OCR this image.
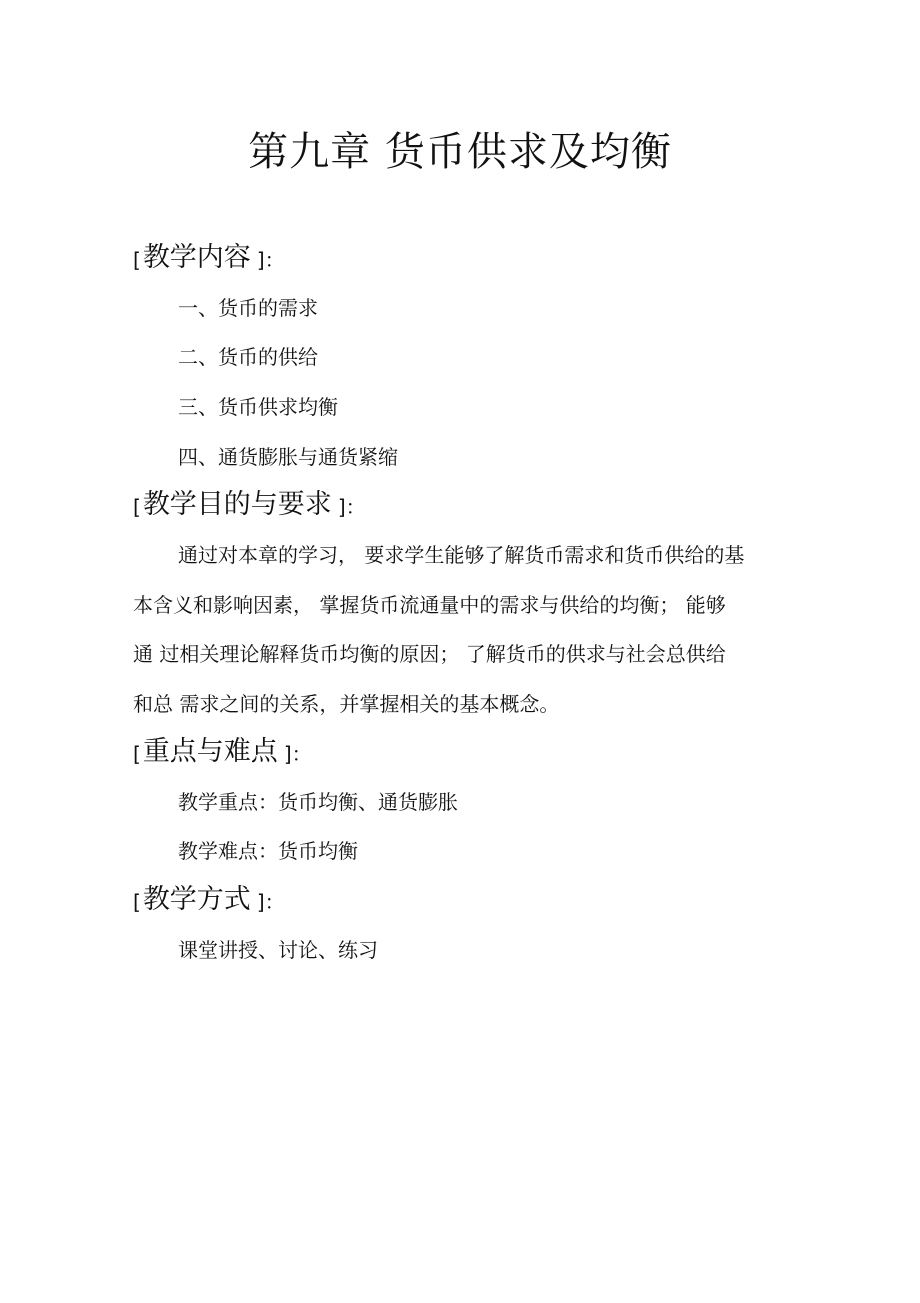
第九章 货币供求及均衡
[教学内容 ]：

一、货币的需求

二、货币的供给

三、货币供求均衡

四、通货膨胀与通货紧缩

[教学目的与要求 ]：

通过对本章的学习， 要求学生能够了解货币需求和货币供给的基

本含义和影响因素， 掌握货币流通量中的需求与供给的均衡； 能够

通 过相关理论解释货币均衡的原因； 了解货币的供求与社会总供给

和总 需求之间的关系，并掌握相关的基本概念。

[重点与难点 ]：

教学重点：货币均衡、通货膨胀

教学难点：货币均衡

[教学方式 ]：

课堂讲授、讨论、练习
